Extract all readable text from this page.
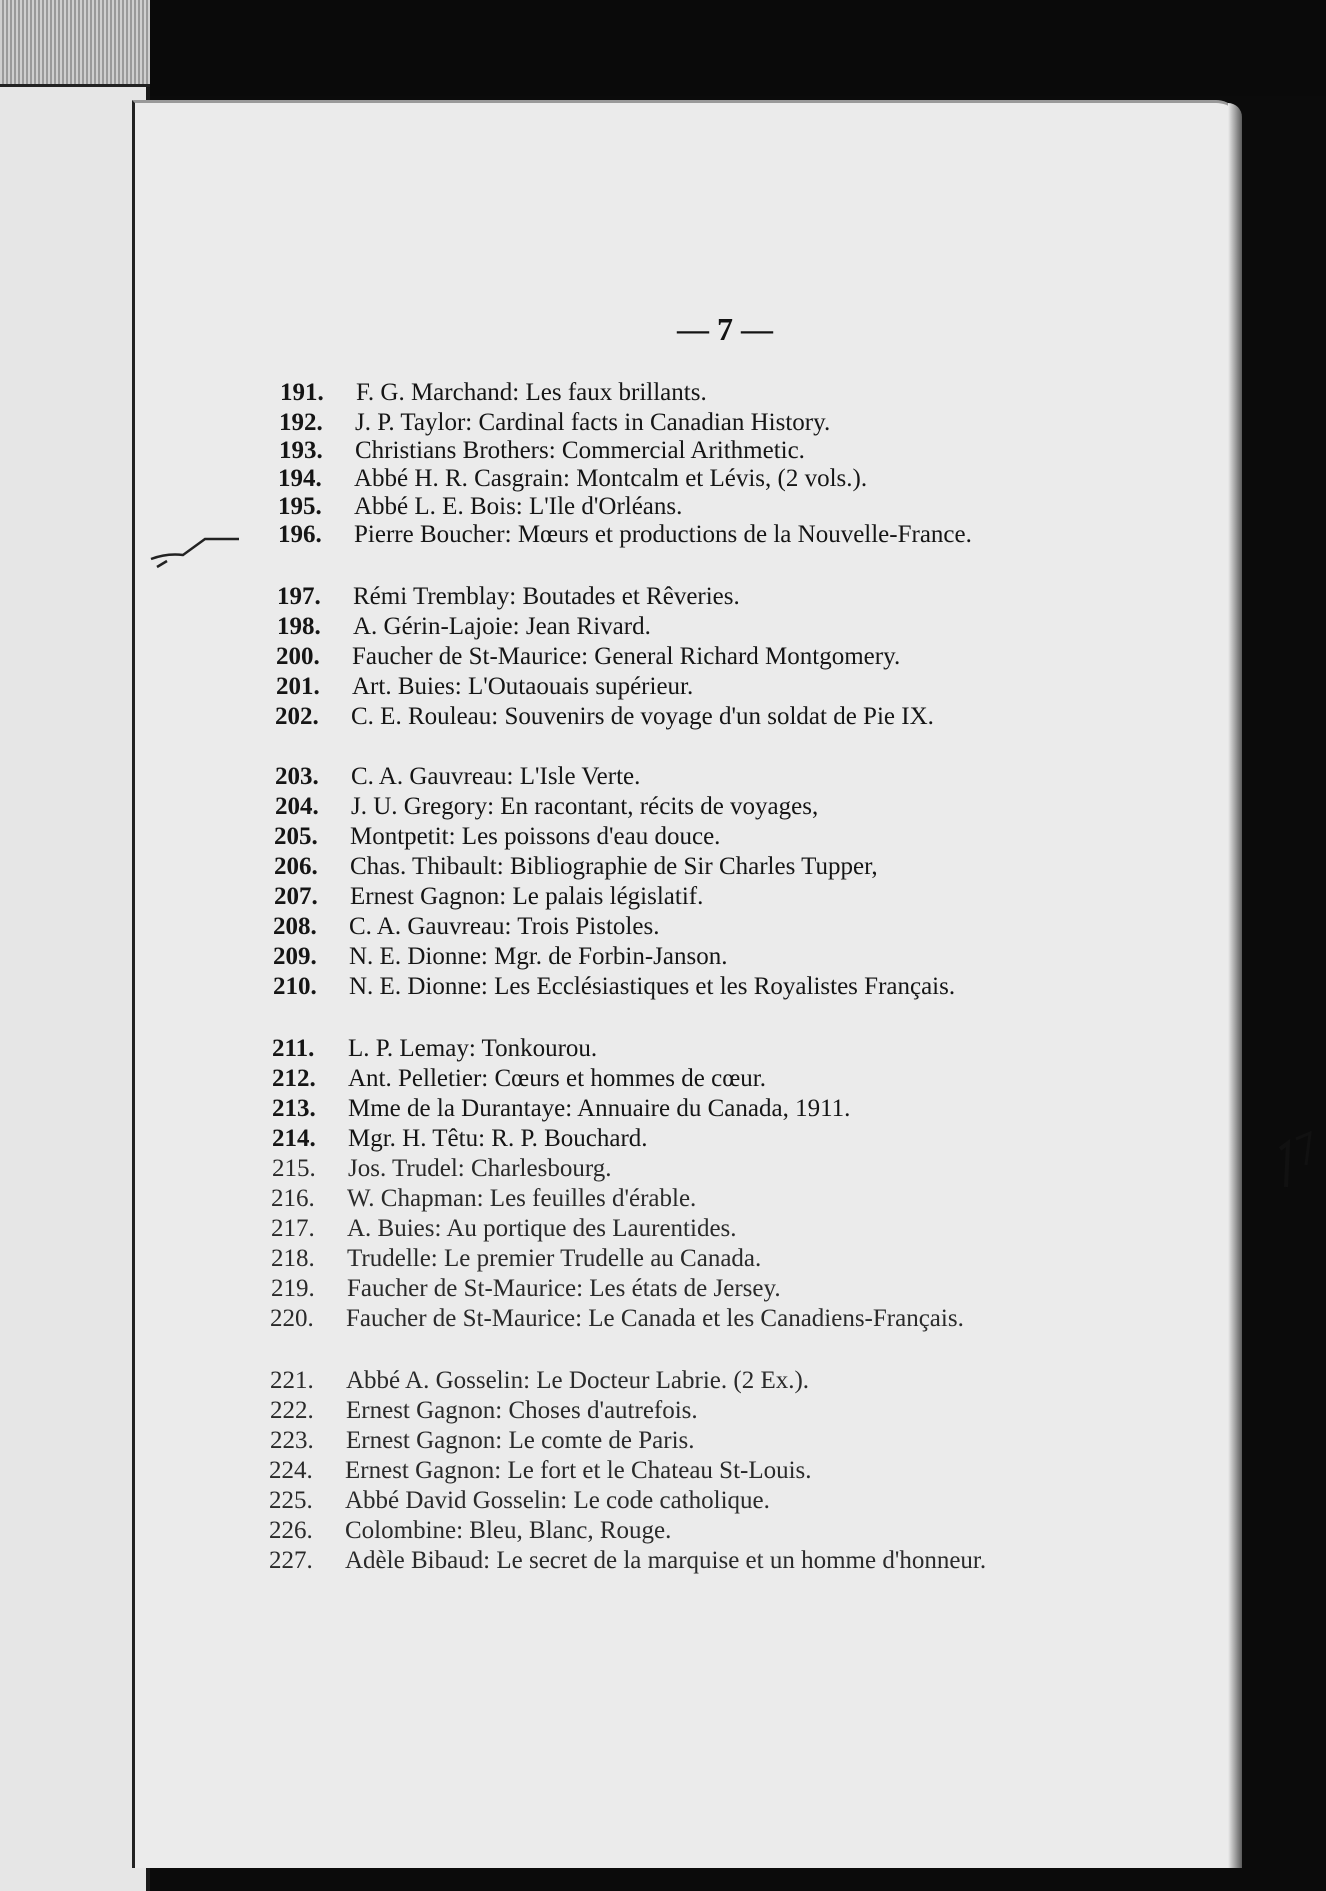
— 7 —
191.	F. G. Marchand: Les faux brillants.
192.	J. P. Taylor: Cardinal facts in Canadian History.
193.	Christians Brothers: Commercial Arithmetic.
194.	Abbé H. R. Casgrain: Montcalm et Lévis, (2 vols.).
195.	Abbé L. E. Bois: L'Ile d'Orléans.
196.	Pierre Boucher: Mœurs et productions de la Nouvelle-France.
197.	Rémi Tremblay: Boutades et Rêveries.
198.	A. Gérin-Lajoie: Jean Rivard.
200.	Faucher de St-Maurice: General Richard Montgomery.
201.	Art. Buies: L'Outaouais supérieur.
202.	C. E. Rouleau: Souvenirs de voyage d'un soldat de Pie IX.
203.	C. A. Gauvreau: L'Isle Verte.
204.	J. U. Gregory: En racontant, récits de voyages,
205.	Montpetit: Les poissons d'eau douce.
206.	Chas. Thibault: Bibliographie de Sir Charles Tupper,
207.	Ernest Gagnon: Le palais législatif.
208.	C. A. Gauvreau: Trois Pistoles.
209.	N. E. Dionne: Mgr. de Forbin-Janson.
210.	N. E. Dionne: Les Ecclésiastiques et les Royalistes Français.
211.	L. P. Lemay: Tonkourou.
212.	Ant. Pelletier: Cœurs et hommes de cœur.
213.	Mme de la Durantaye: Annuaire du Canada, 1911.
214.	Mgr. H. Têtu: R. P. Bouchard.
215.	Jos. Trudel: Charlesbourg.
216.	W. Chapman: Les feuilles d'érable.
217.	A. Buies: Au portique des Laurentides.
218.	Trudelle: Le premier Trudelle au Canada.
219.	Faucher de St-Maurice: Les états de Jersey.
220.	Faucher de St-Maurice: Le Canada et les Canadiens-Français.
221.	Abbé A. Gosselin: Le Docteur Labrie. (2 Ex.).
222.	Ernest Gagnon: Choses d'autrefois.
223.	Ernest Gagnon: Le comte de Paris.
224.	Ernest Gagnon: Le fort et le Chateau St-Louis.
225.	Abbé David Gosselin: Le code catholique.
226.	Colombine: Bleu, Blanc, Rouge.
227.	Adèle Bibaud: Le secret de la marquise et un homme d'honneur.
